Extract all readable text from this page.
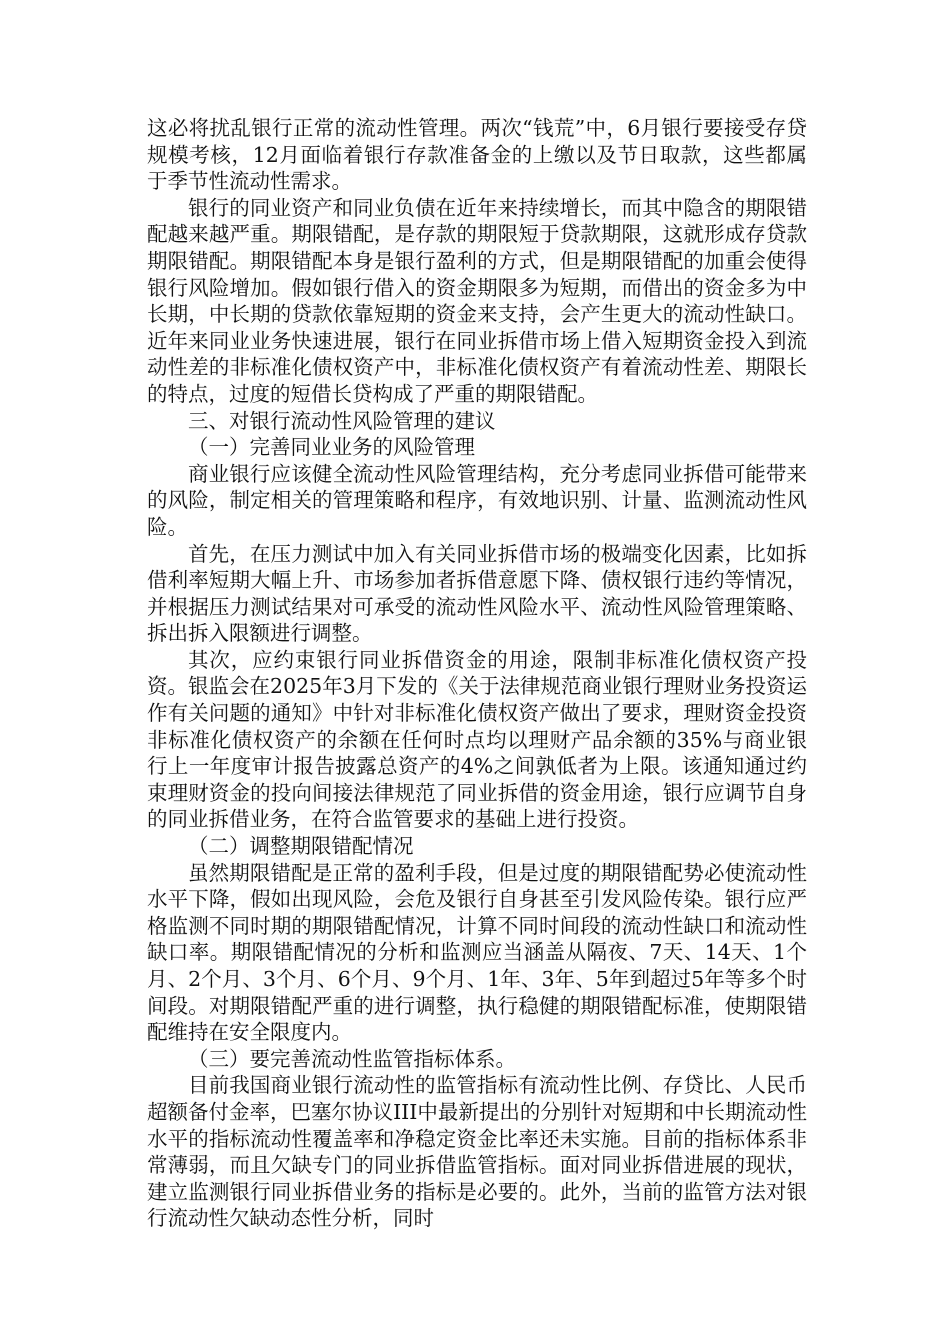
这必将扰乱银行正常的流动性管理。两次“钱荒”中，6月银行要接受存贷规模考核，12月面临着银行存款准备金的上缴以及节日取款，这些都属于季节性流动性需求。

银行的同业资产和同业负债在近年来持续增长，而其中隐含的期限错配越来越严重。期限错配，是存款的期限短于贷款期限，这就形成存贷款期限错配。期限错配本身是银行盈利的方式，但是期限错配的加重会使得银行风险增加。假如银行借入的资金期限多为短期，而借出的资金多为中长期，中长期的贷款依靠短期的资金来支持，会产生更大的流动性缺口。近年来同业业务快速进展，银行在同业拆借市场上借入短期资金投入到流动性差的非标准化债权资产中，非标准化债权资产有着流动性差、期限长的特点，过度的短借长贷构成了严重的期限错配。

三、对银行流动性风险管理的建议

（一）完善同业业务的风险管理

商业银行应该健全流动性风险管理结构，充分考虑同业拆借可能带来的风险，制定相关的管理策略和程序，有效地识别、计量、监测流动性风险。

首先，在压力测试中加入有关同业拆借市场的极端变化因素，比如拆借利率短期大幅上升、市场参加者拆借意愿下降、债权银行违约等情况，并根据压力测试结果对可承受的流动性风险水平、流动性风险管理策略、拆出拆入限额进行调整。

其次，应约束银行同业拆借资金的用途，限制非标准化债权资产投资。银监会在2025年3月下发的《关于法律规范商业银行理财业务投资运作有关问题的通知》中针对非标准化债权资产做出了要求，理财资金投资非标准化债权资产的余额在任何时点均以理财产品余额的35%与商业银行上一年度审计报告披露总资产的4%之间孰低者为上限。该通知通过约束理财资金的投向间接法律规范了同业拆借的资金用途，银行应调节自身的同业拆借业务，在符合监管要求的基础上进行投资。

（二）调整期限错配情况

虽然期限错配是正常的盈利手段，但是过度的期限错配势必使流动性水平下降，假如出现风险，会危及银行自身甚至引发风险传染。银行应严格监测不同时期的期限错配情况，计算不同时间段的流动性缺口和流动性缺口率。期限错配情况的分析和监测应当涵盖从隔夜、7天、14天、1个月、2个月、3个月、6个月、9个月、1年、3年、5年到超过5年等多个时间段。对期限错配严重的进行调整，执行稳健的期限错配标准，使期限错配维持在安全限度内。

（三）要完善流动性监管指标体系。

目前我国商业银行流动性的监管指标有流动性比例、存贷比、人民币超额备付金率，巴塞尔协议III中最新提出的分别针对短期和中长期流动性水平的指标流动性覆盖率和净稳定资金比率还未实施。目前的指标体系非常薄弱，而且欠缺专门的同业拆借监管指标。面对同业拆借进展的现状，建立监测银行同业拆借业务的指标是必要的。此外，当前的监管方法对银行流动性欠缺动态性分析，同时
